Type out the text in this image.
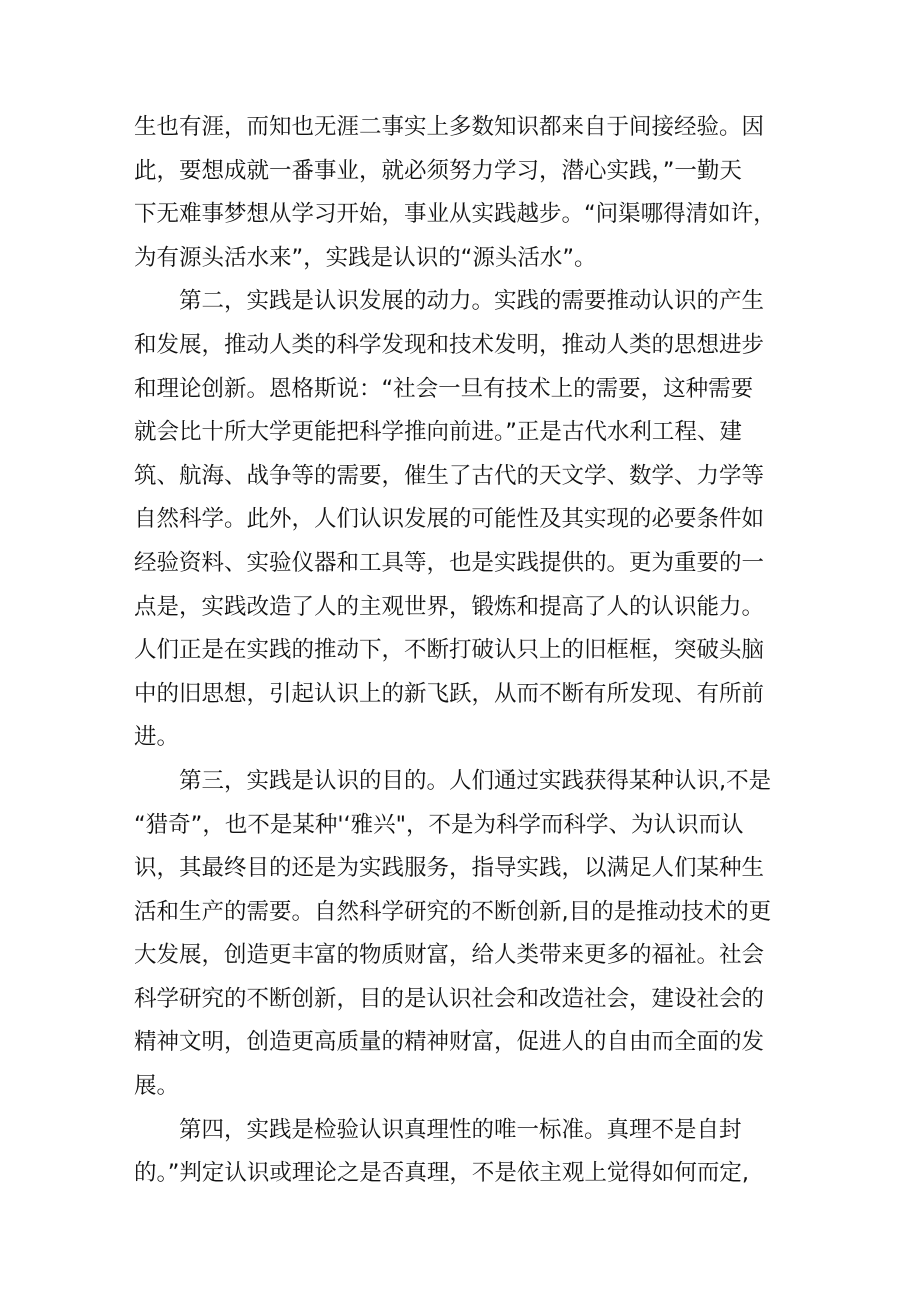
生也有涯，而知也无涯二事实上多数知识都来自于间接经验。因
此，要想成就一番事业，就必须努力学习，潜心实践，”一勤天
下无难事梦想从学习开始，事业从实践越步。“问渠哪得清如许，
为有源头活水来”，实践是认识的“源头活水”。

　　第二，实践是认识发展的动力。实践的需要推动认识的产生
和发展，推动人类的科学发现和技术发明，推动人类的思想进步
和理论创新。恩格斯说：“社会一旦有技术上的需要，这种需要
就会比十所大学更能把科学推向前进。”正是古代水利工程、建
筑、航海、战争等的需要，催生了古代的天文学、数学、力学等
自然科学。此外，人们认识发展的可能性及其实现的必要条件如
经验资料、实验仪器和工具等，也是实践提供的。更为重要的一
点是，实践改造了人的主观世界，锻炼和提高了人的认识能力。
人们正是在实践的推动下，不断打破认只上的旧框框，突破头脑
中的旧思想，引起认识上的新飞跃，从而不断有所发现、有所前
进。

　　第三，实践是认识的目的。人们通过实践获得某种认识,不是
“猎奇”，也不是某种'‘雅兴"，不是为科学而科学、为认识而认
识，其最终目的还是为实践服务，指导实践，以满足人们某种生
活和生产的需要。自然科学研究的不断创新,目的是推动技术的更
大发展，创造更丰富的物质财富，给人类带来更多的福祉。社会
科学研究的不断创新，目的是认识社会和改造社会，建设社会的
精神文明，创造更高质量的精神财富，促进人的自由而全面的发
展。

　　第四，实践是检验认识真理性的唯一标准。真理不是自封
的。”判定认识或理论之是否真理，不是依主观上觉得如何而定,
